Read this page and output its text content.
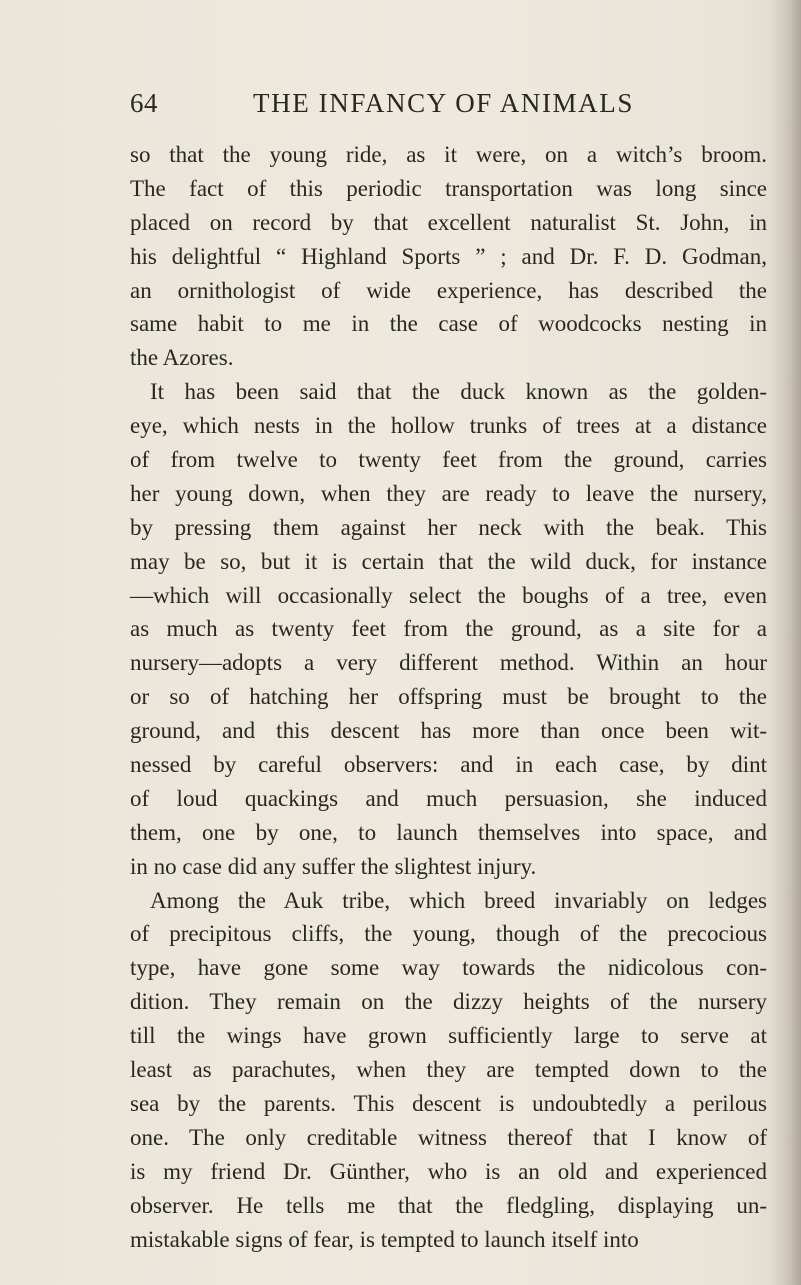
64	THE INFANCY OF ANIMALS
so that the young ride, as it were, on a witch’s broom.
The fact of this periodic transportation was long since
placed on record by that excellent naturalist St. John, in
his delightful “ Highland Sports ” ; and Dr. F. D. Godman,
an ornithologist of wide experience, has described the
same habit to me in the case of woodcocks nesting in
the Azores.
It has been said that the duck known as the golden-
eye, which nests in the hollow trunks of trees at a distance
of from twelve to twenty feet from the ground, carries
her young down, when they are ready to leave the nursery,
by pressing them against her neck with the beak. This
may be so, but it is certain that the wild duck, for instance
—which will occasionally select the boughs of a tree, even
as much as twenty feet from the ground, as a site for a
nursery—adopts a very different method. Within an hour
or so of hatching her offspring must be brought to the
ground, and this descent has more than once been wit-
nessed by careful observers: and in each case, by dint
of loud quackings and much persuasion, she induced
them, one by one, to launch themselves into space, and
in no case did any suffer the slightest injury.
Among the Auk tribe, which breed invariably on ledges
of precipitous cliffs, the young, though of the precocious
type, have gone some way towards the nidicolous con-
dition. They remain on the dizzy heights of the nursery
till the wings have grown sufficiently large to serve at
least as parachutes, when they are tempted down to the
sea by the parents. This descent is undoubtedly a perilous
one. The only creditable witness thereof that I know of
is my friend Dr. Günther, who is an old and experienced
observer. He tells me that the fledgling, displaying un-
mistakable signs of fear, is tempted to launch itself into
